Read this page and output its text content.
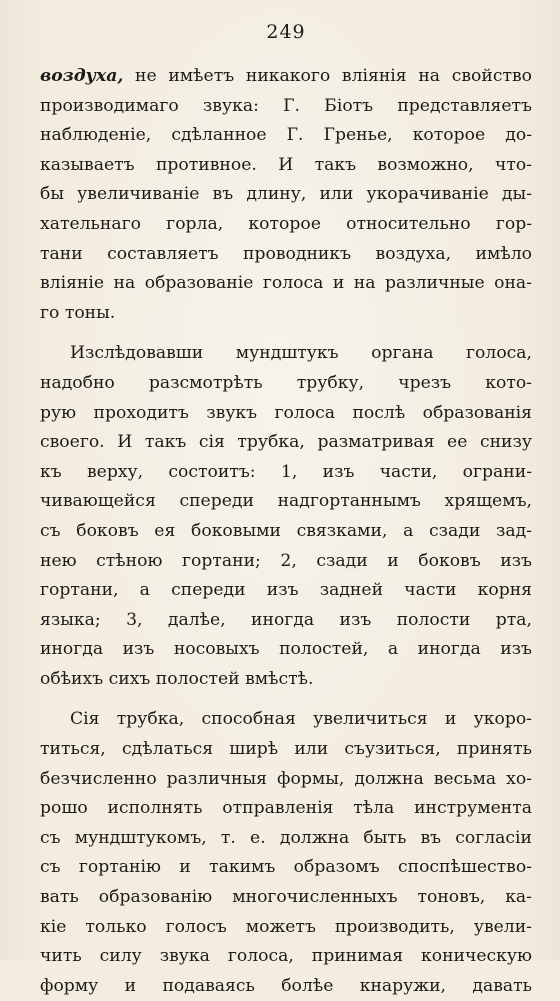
249
воздуха, не имѣетъ никакого вліянія на свойство
производимаго звука: Г. Біотъ представляетъ
наблюденіе, сдѣланное Г. Гренье, которое до-
казываетъ противное. И такъ возможно, что-
бы увеличиваніе въ длину, или укорачиваніе ды-
хательнаго горла, которое относительно гор-
тани составляетъ проводникъ воздуха, имѣло
вліяніе на образованіе голоса и на различные она-
го тоны.
Изслѣдовавши мундштукъ органа голоса,
надобно разсмотрѣть трубку, чрезъ кото-
рую проходитъ звукъ голоса послѣ образованія
своего. И такъ сія трубка, разматривая ее снизу
къ верху, состоитъ: 1, изъ части, ограни-
чивающейся спереди надгортаннымъ хрящемъ,
съ боковъ ея боковыми связками, а сзади зад-
нею стѣною гортани; 2, сзади и боковъ изъ
гортани, а спереди изъ задней части корня
языка; 3, далѣе, иногда изъ полости рта,
иногда изъ носовыхъ полостей, а иногда изъ
обѣихъ сихъ полостей вмѣстѣ.
Сія трубка, способная увеличиться и укоро-
титься, сдѣлаться ширѣ или съузиться, принять
безчисленно различныя формы, должна весьма хо-
рошо исполнять отправленія тѣла инструмента
съ мундштукомъ, т. е. должна быть въ согласіи
съ гортанію и такимъ образомъ споспѣшество-
вать образованію многочисленныхъ тоновъ, ка-
кіе только голосъ можетъ производить, увели-
чить силу звука голоса, принимая коническую
форму и подаваясь болѣе кнаружи, давать
